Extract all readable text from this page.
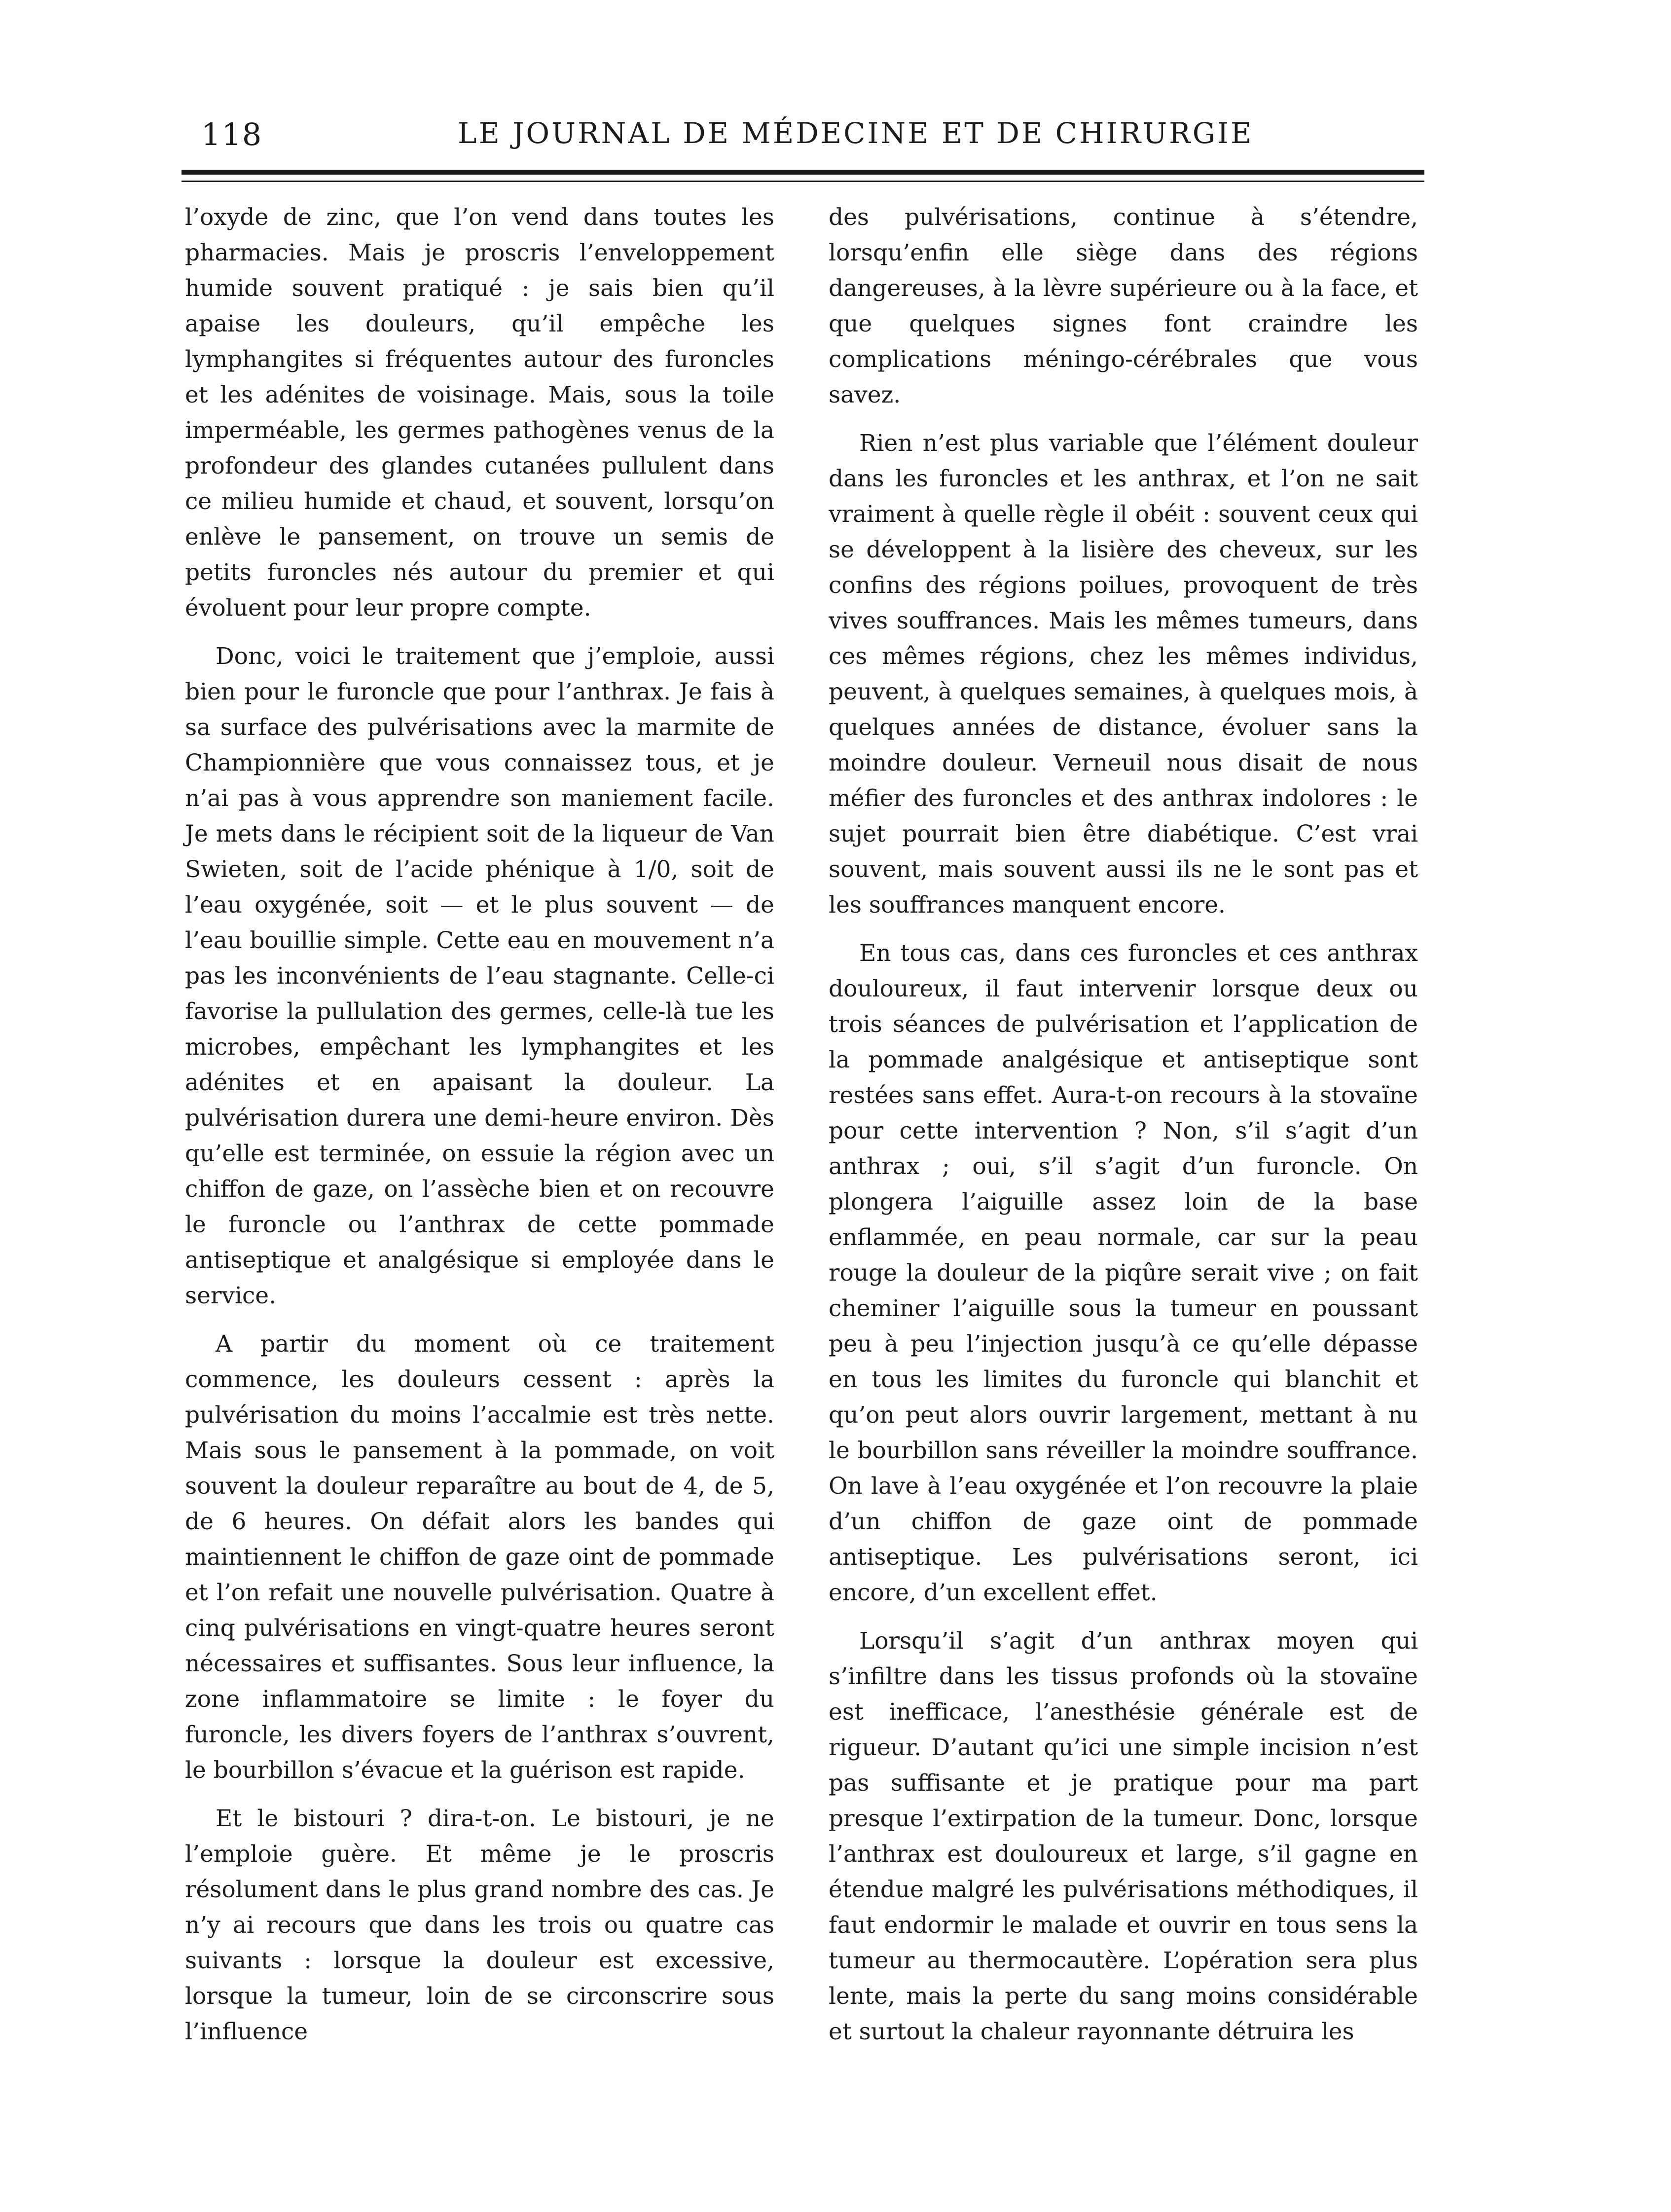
118	LE JOURNAL DE MÉDECINE ET DE CHIRURGIE

l’oxyde de zinc, que l’on vend dans toutes les pharmacies. Mais je proscris l’enveloppement humide souvent pratiqué : je sais bien qu’il apaise les douleurs, qu’il empêche les lymphangites si fréquentes autour des furoncles et les adénites de voisinage. Mais, sous la toile imperméable, les germes pathogènes venus de la profondeur des glandes cutanées pullulent dans ce milieu humide et chaud, et souvent, lorsqu’on enlève le pansement, on trouve un semis de petits furoncles nés autour du premier et qui évoluent pour leur propre compte.

Donc, voici le traitement que j’emploie, aussi bien pour le furoncle que pour l’anthrax. Je fais à sa surface des pulvérisations avec la marmite de Championnière que vous connaissez tous, et je n’ai pas à vous apprendre son maniement facile. Je mets dans le récipient soit de la liqueur de Van Swieten, soit de l’acide phénique à 1/0, soit de l’eau oxygénée, soit — et le plus souvent — de l’eau bouillie simple. Cette eau en mouvement n’a pas les inconvénients de l’eau stagnante. Celle-ci favorise la pullulation des germes, celle-là tue les microbes, empêchant les lymphangites et les adénites et en apaisant la douleur. La pulvérisation durera une demi-heure environ. Dès qu’elle est terminée, on essuie la région avec un chiffon de gaze, on l’assèche bien et on recouvre le furoncle ou l’anthrax de cette pommade antiseptique et analgésique si employée dans le service.

A partir du moment où ce traitement commence, les douleurs cessent : après la pulvérisation du moins l’accalmie est très nette. Mais sous le pansement à la pommade, on voit souvent la douleur reparaître au bout de 4, de 5, de 6 heures. On défait alors les bandes qui maintiennent le chiffon de gaze oint de pommade et l’on refait une nouvelle pulvérisation. Quatre à cinq pulvérisations en vingt-quatre heures seront nécessaires et suffisantes. Sous leur influence, la zone inflammatoire se limite : le foyer du furoncle, les divers foyers de l’anthrax s’ouvrent, le bourbillon s’évacue et la guérison est rapide.

Et le bistouri ? dira-t-on. Le bistouri, je ne l’emploie guère. Et même je le proscris résolument dans le plus grand nombre des cas. Je n’y ai recours que dans les trois ou quatre cas suivants : lorsque la douleur est excessive, lorsque la tumeur, loin de se circonscrire sous l’influence

des pulvérisations, continue à s’étendre, lorsqu’enfin elle siège dans des régions dangereuses, à la lèvre supérieure ou à la face, et que quelques signes font craindre les complications méningo-cérébrales que vous savez.

Rien n’est plus variable que l’élément douleur dans les furoncles et les anthrax, et l’on ne sait vraiment à quelle règle il obéit : souvent ceux qui se développent à la lisière des cheveux, sur les confins des régions poilues, provoquent de très vives souffrances. Mais les mêmes tumeurs, dans ces mêmes régions, chez les mêmes individus, peuvent, à quelques semaines, à quelques mois, à quelques années de distance, évoluer sans la moindre douleur. Verneuil nous disait de nous méfier des furoncles et des anthrax indolores : le sujet pourrait bien être diabétique. C’est vrai souvent, mais souvent aussi ils ne le sont pas et les souffrances manquent encore.

En tous cas, dans ces furoncles et ces anthrax douloureux, il faut intervenir lorsque deux ou trois séances de pulvérisation et l’application de la pommade analgésique et antiseptique sont restées sans effet. Aura-t-on recours à la stovaïne pour cette intervention ? Non, s’il s’agit d’un anthrax ; oui, s’il s’agit d’un furoncle. On plongera l’aiguille assez loin de la base enflammée, en peau normale, car sur la peau rouge la douleur de la piqûre serait vive ; on fait cheminer l’aiguille sous la tumeur en poussant peu à peu l’injection jusqu’à ce qu’elle dépasse en tous les limites du furoncle qui blanchit et qu’on peut alors ouvrir largement, mettant à nu le bourbillon sans réveiller la moindre souffrance. On lave à l’eau oxygénée et l’on recouvre la plaie d’un chiffon de gaze oint de pommade antiseptique. Les pulvérisations seront, ici encore, d’un excellent effet.

Lorsqu’il s’agit d’un anthrax moyen qui s’infiltre dans les tissus profonds où la stovaïne est inefficace, l’anesthésie générale est de rigueur. D’autant qu’ici une simple incision n’est pas suffisante et je pratique pour ma part presque l’extirpation de la tumeur. Donc, lorsque l’anthrax est douloureux et large, s’il gagne en étendue malgré les pulvérisations méthodiques, il faut endormir le malade et ouvrir en tous sens la tumeur au thermocautère. L’opération sera plus lente, mais la perte du sang moins considérable et surtout la chaleur rayonnante détruira les
